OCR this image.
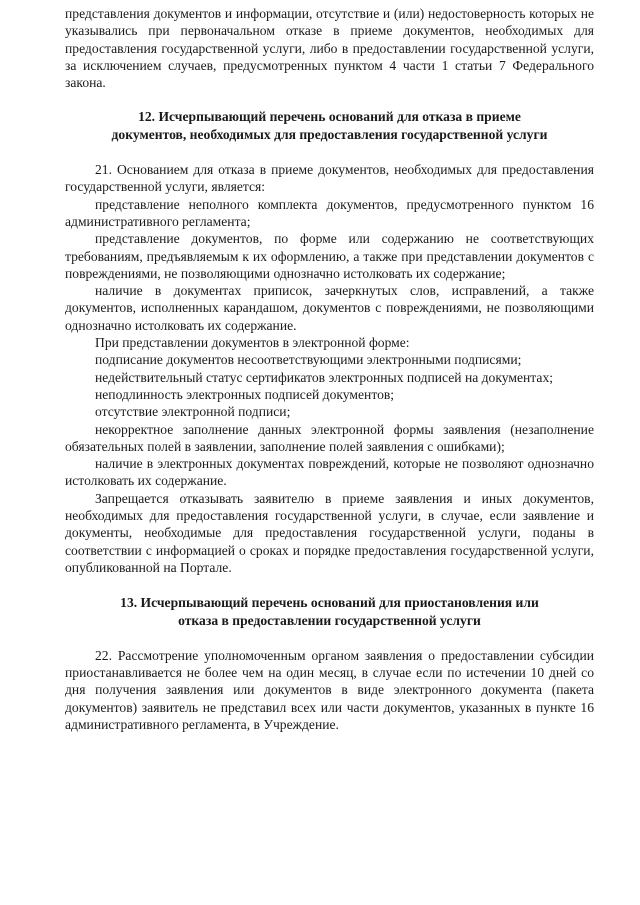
представления документов и информации, отсутствие и (или) недостоверность которых не указывались при первоначальном отказе в приеме документов, необходимых для предоставления государственной услуги, либо в предоставлении государственной услуги, за исключением случаев, предусмотренных пунктом 4 части 1 статьи 7 Федерального закона.

12. Исчерпывающий перечень оснований для отказа в приеме документов, необходимых для предоставления государственной услуги

21. Основанием для отказа в приеме документов, необходимых для предоставления государственной услуги, является:

представление неполного комплекта документов, предусмотренного пунктом 16 административного регламента;

представление документов, по форме или содержанию не соответствующих требованиям, предъявляемым к их оформлению, а также при представлении документов с повреждениями, не позволяющими однозначно истолковать их содержание;

наличие в документах приписок, зачеркнутых слов, исправлений, а также документов, исполненных карандашом, документов с повреждениями, не позволяющими однозначно истолковать их содержание.

При представлении документов в электронной форме:

подписание документов несоответствующими электронными подписями;

недействительный статус сертификатов электронных подписей на документах;

неподлинность электронных подписей документов;

отсутствие электронной подписи;

некорректное заполнение данных электронной формы заявления (незаполнение обязательных полей в заявлении, заполнение полей заявления с ошибками);

наличие в электронных документах повреждений, которые не позволяют однозначно истолковать их содержание.

Запрещается отказывать заявителю в приеме заявления и иных документов, необходимых для предоставления государственной услуги, в случае, если заявление и документы, необходимые для предоставления государственной услуги, поданы в соответствии с информацией о сроках и порядке предоставления государственной услуги, опубликованной на Портале.

13. Исчерпывающий перечень оснований для приостановления или отказа в предоставлении государственной услуги

22. Рассмотрение уполномоченным органом заявления о предоставлении субсидии приостанавливается не более чем на один месяц, в случае если по истечении 10 дней со дня получения заявления или документов в виде электронного документа (пакета документов) заявитель не представил всех или части документов, указанных в пункте 16 административного регламента, в Учреждение.
